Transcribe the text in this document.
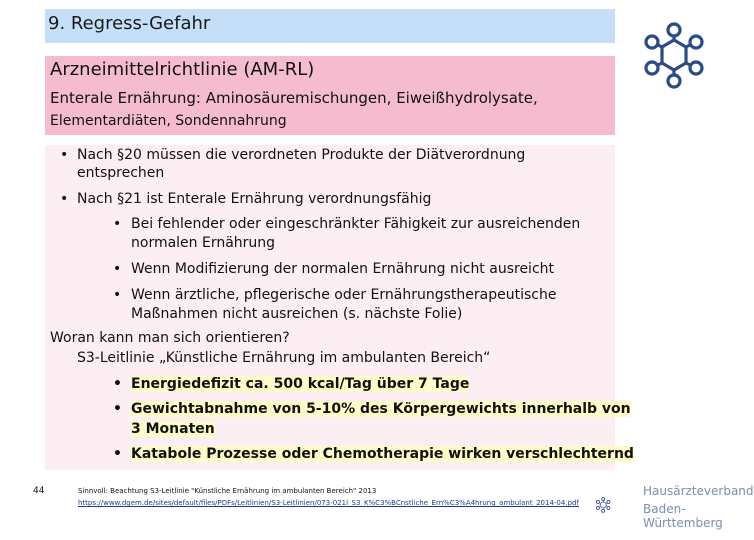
9. Regress-Gefahr
Arzneimittelrichtlinie (AM-RL)
Enterale Ernährung: Aminosäuremischungen, Eiweißhydrolysate,
Elementardiäten, Sondennahrung
• Nach §20 müssen die verordneten Produkte der Diätverordnung
entsprechen
• Nach §21 ist Enterale Ernährung verordnungsfähig
• Bei fehlender oder eingeschränkter Fähigkeit zur ausreichenden
normalen Ernährung
• Wenn Modifizierung der normalen Ernährung nicht ausreicht
• Wenn ärztliche, pflegerische oder Ernährungstherapeutische
Maßnahmen nicht ausreichen (s. nächste Folie)
Woran kann man sich orientieren?
S3-Leitlinie „Künstliche Ernährung im ambulanten Bereich“
• Energiedefizit ca. 500 kcal/Tag über 7 Tage
• Gewichtabnahme von 5-10% des Körpergewichts innerhalb von
3 Monaten
• Katabole Prozesse oder Chemotherapie wirken verschlechternd
44	Sinnvoll: Beachtung S3-Leitlinie "Künstliche Ernährung im ambulanten Bereich" 2013
https://www.dgem.de/sites/default/files/PDFs/Leitlinien/S3-Leitlinien/073-021l_S3_K%C3%BCnstliche_Ern%C3%A4hrung_ambulant_2014-04.pdf
Hausärzteverband
Baden-Württemberg
